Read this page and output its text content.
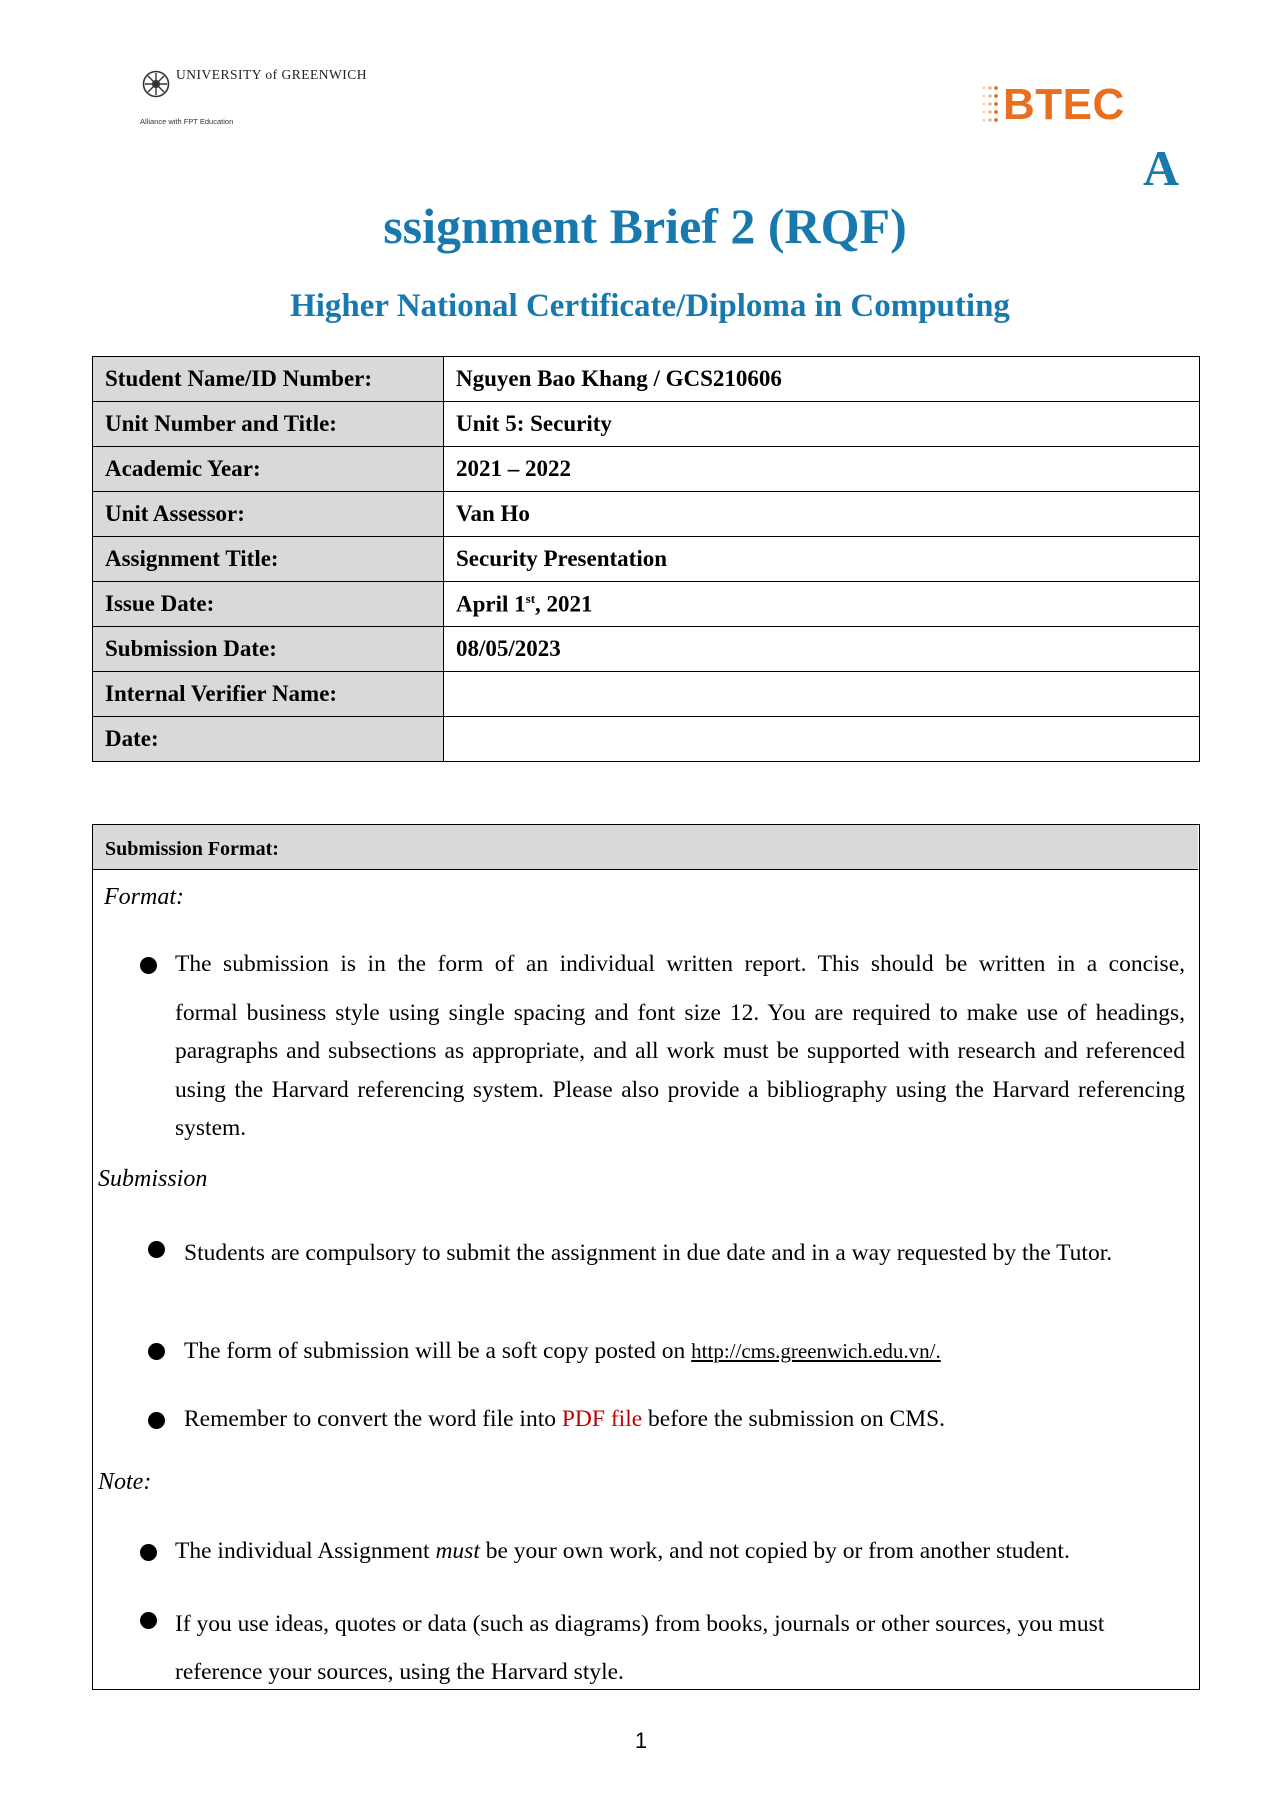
UNIVERSITY of GREENWICH
Alliance with FPT Education	BTEC
A
ssignment Brief 2 (RQF)
Higher National Certificate/Diploma in Computing
Student Name/ID Number:	Nguyen Bao Khang / GCS210606
Unit Number and Title:	Unit 5: Security
Academic Year:	2021 – 2022
Unit Assessor:	Van Ho
Assignment Title:	Security Presentation
Issue Date:	April 1st, 2021
Submission Date:	08/05/2023
Internal Verifier Name:	
Date:	
Submission Format:
Format:
The submission is in the form of an individual written report. This should be written in a concise,
formal business style using single spacing and font size 12. You are required to make use of headings, paragraphs and subsections as appropriate, and all work must be supported with research and referenced using the Harvard referencing system. Please also provide a bibliography using the Harvard referencing system.
Submission
Students are compulsory to submit the assignment in due date and in a way requested by the Tutor.
The form of submission will be a soft copy posted on http://cms.greenwich.edu.vn/.
Remember to convert the word file into PDF file before the submission on CMS.
Note:
The individual Assignment must be your own work, and not copied by or from another student.
If you use ideas, quotes or data (such as diagrams) from books, journals or other sources, you must reference your sources, using the Harvard style.
1
